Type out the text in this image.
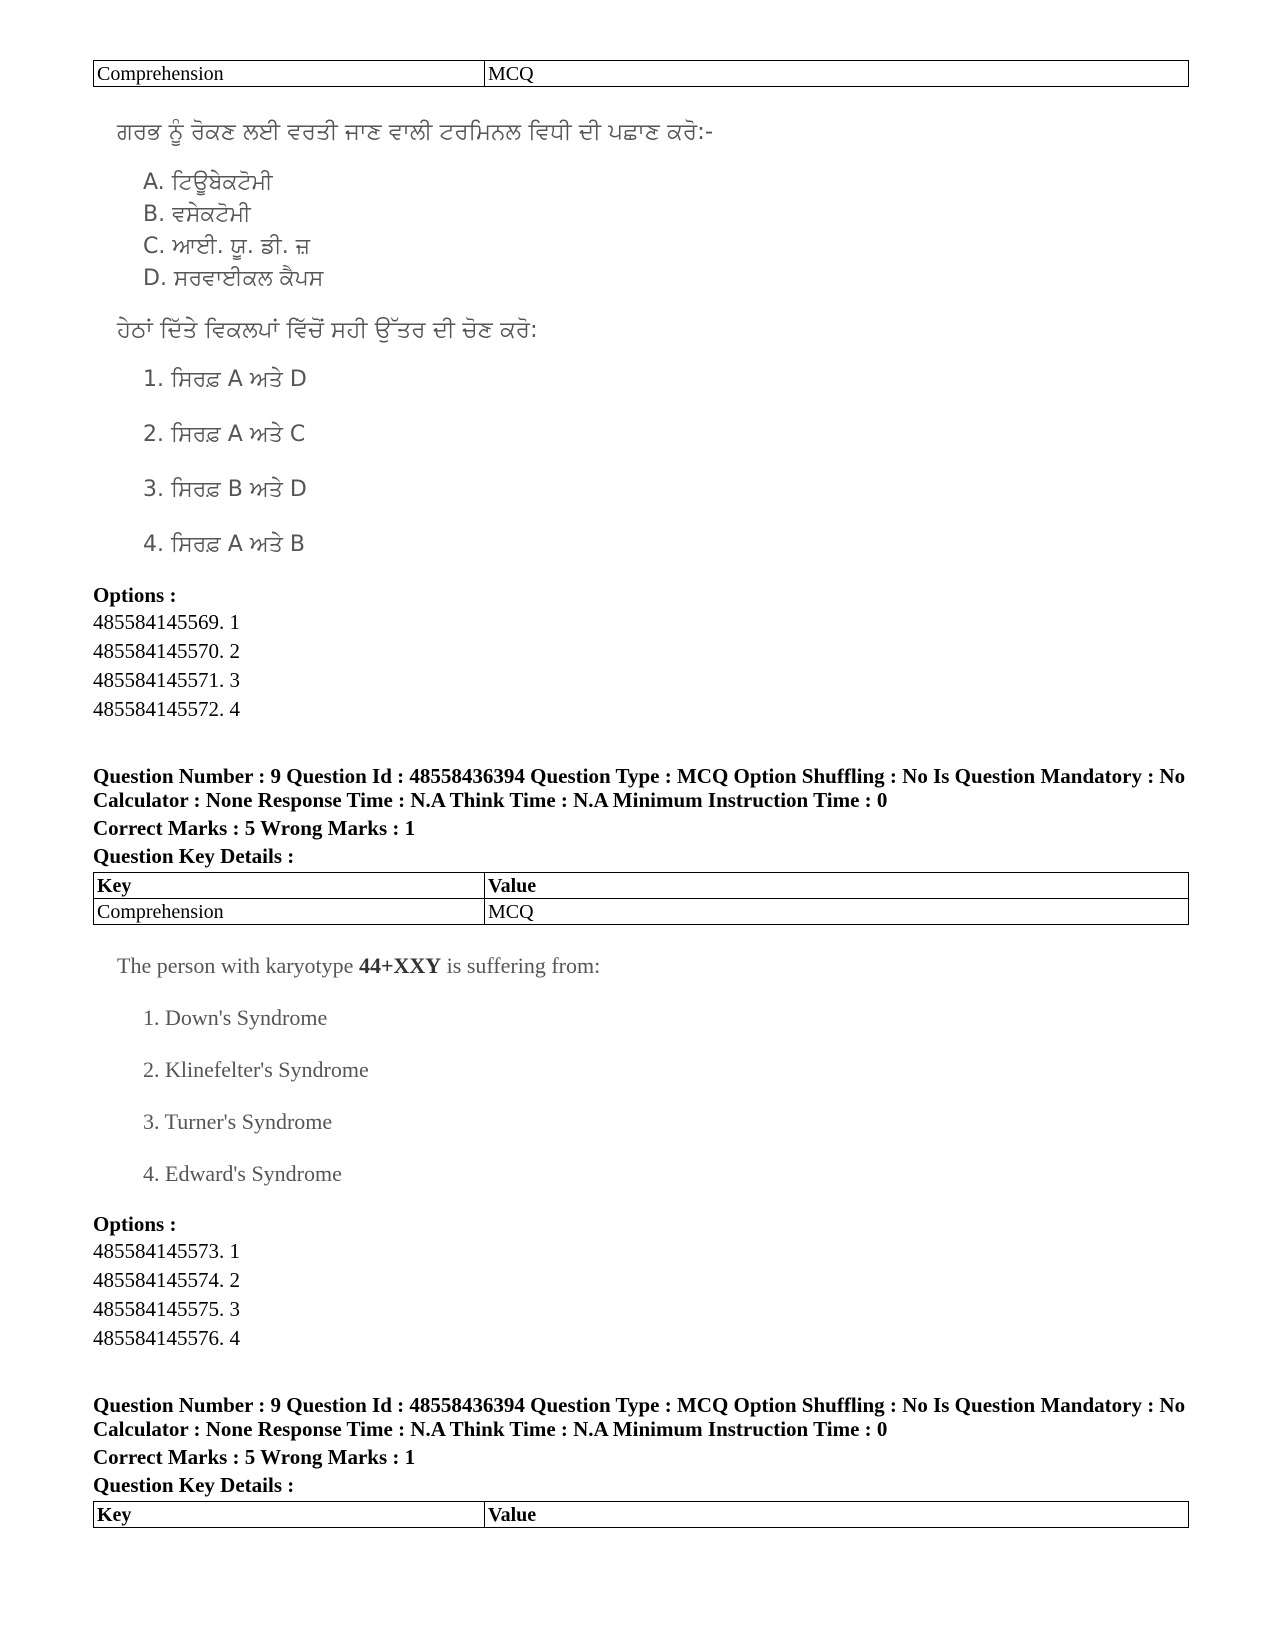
Comprehension	MCQ
ਗਰਭ ਨੂੰ ਰੋਕਣ ਲਈ ਵਰਤੀ ਜਾਣ ਵਾਲੀ ਟਰਮਿਨਲ ਵਿਧੀ ਦੀ ਪਛਾਣ ਕਰੋ:-
A. ਟਿਊਬੇਕਟੋਮੀ
B. ਵਸੇਕਟੋਮੀ
C. ਆਈ. ਯੂ. ਡੀ. ਜ਼
D. ਸਰਵਾਈਕਲ ਕੈਪਸ
ਹੇਠਾਂ ਦਿੱਤੇ ਵਿਕਲਪਾਂ ਵਿੱਚੋਂ ਸਹੀ ਉੱਤਰ ਦੀ ਚੋਣ ਕਰੋ:
1. ਸਿਰਫ਼ A ਅਤੇ D
2. ਸਿਰਫ਼ A ਅਤੇ C
3. ਸਿਰਫ਼ B ਅਤੇ D
4. ਸਿਰਫ਼ A ਅਤੇ B
Options :
485584145569. 1
485584145570. 2
485584145571. 3
485584145572. 4
Question Number : 9 Question Id : 48558436394 Question Type : MCQ Option Shuffling : No Is Question Mandatory : No
Calculator : None Response Time : N.A Think Time : N.A Minimum Instruction Time : 0
Correct Marks : 5 Wrong Marks : 1
Question Key Details :
Key	Value
Comprehension	MCQ
The person with karyotype 44+XXY is suffering from:
1. Down's Syndrome
2. Klinefelter's Syndrome
3. Turner's Syndrome
4. Edward's Syndrome
Options :
485584145573. 1
485584145574. 2
485584145575. 3
485584145576. 4
Question Number : 9 Question Id : 48558436394 Question Type : MCQ Option Shuffling : No Is Question Mandatory : No
Calculator : None Response Time : N.A Think Time : N.A Minimum Instruction Time : 0
Correct Marks : 5 Wrong Marks : 1
Question Key Details :
Key	Value
